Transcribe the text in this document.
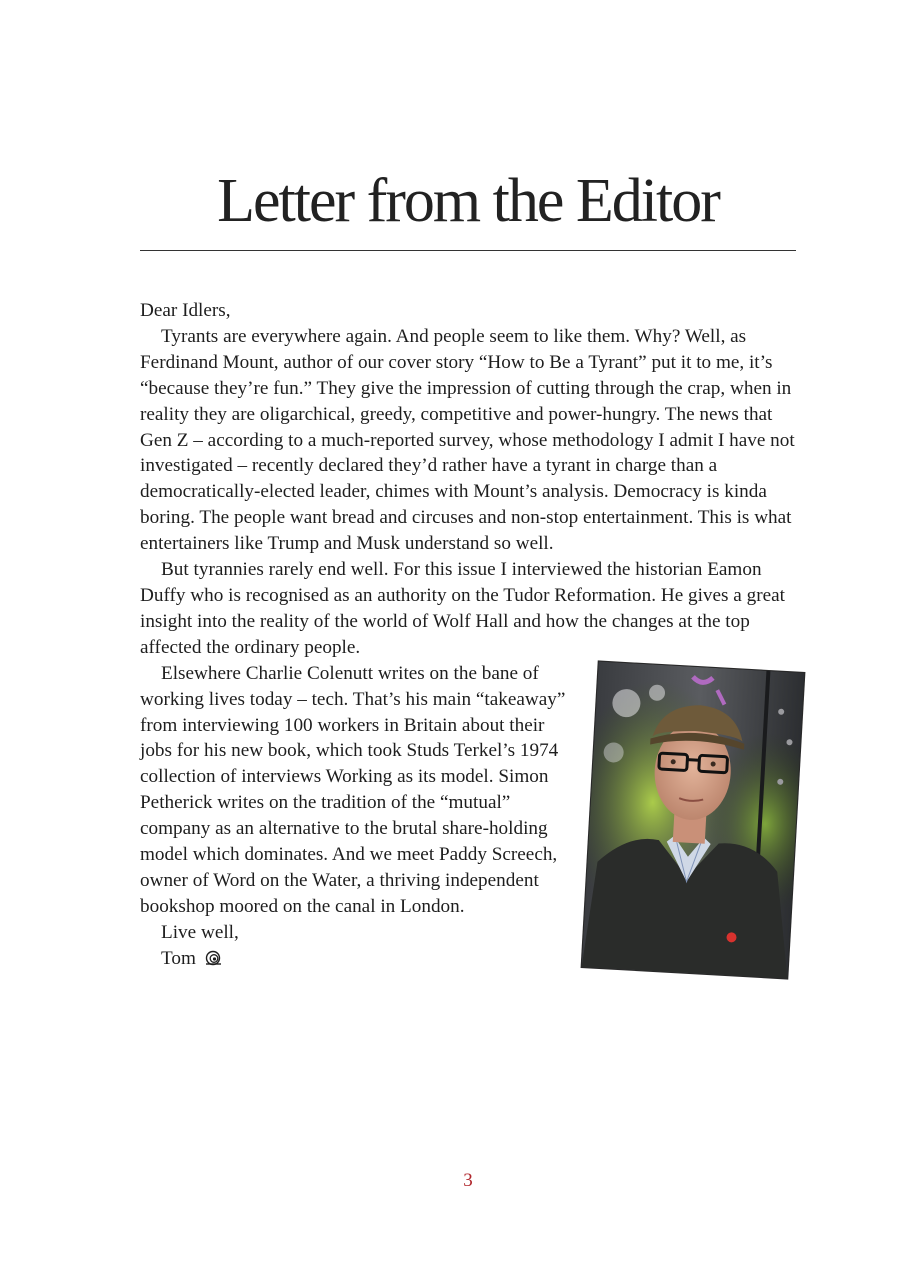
Letter from the Editor

Dear Idlers,

Tyrants are everywhere again. And people seem to like them. Why? Well, as Ferdinand Mount, author of our cover story “How to Be a Tyrant” put it to me, it’s “because they’re fun.” They give the impression of cutting through the crap, when in reality they are oligarchical, greedy, competitive and power-hungry. The news that Gen Z – according to a much-reported survey, whose methodology I admit I have not investigated – recently declared they’d rather have a tyrant in charge than a democratically-elected leader, chimes with Mount’s analysis. Democracy is kinda boring. The people want bread and circuses and non-stop entertainment. This is what entertainers like Trump and Musk understand so well.

But tyrannies rarely end well. For this issue I interviewed the historian Eamon Duffy who is recognised as an authority on the Tudor Reformation. He gives a great insight into the reality of the world of Wolf Hall and how the changes at the top affected the ordinary people.

Elsewhere Charlie Colenutt writes on the bane of working lives today – tech. That’s his main “takeaway” from interviewing 100 workers in Britain about their jobs for his new book, which took Studs Terkel’s 1974 collection of interviews Working as its model. Simon Petherick writes on the tradition of the “mutual” company as an alternative to the brutal share-holding model which dominates. And we meet Paddy Screech, owner of Word on the Water, a thriving independent bookshop moored on the canal in London.

Live well,

Tom

3
